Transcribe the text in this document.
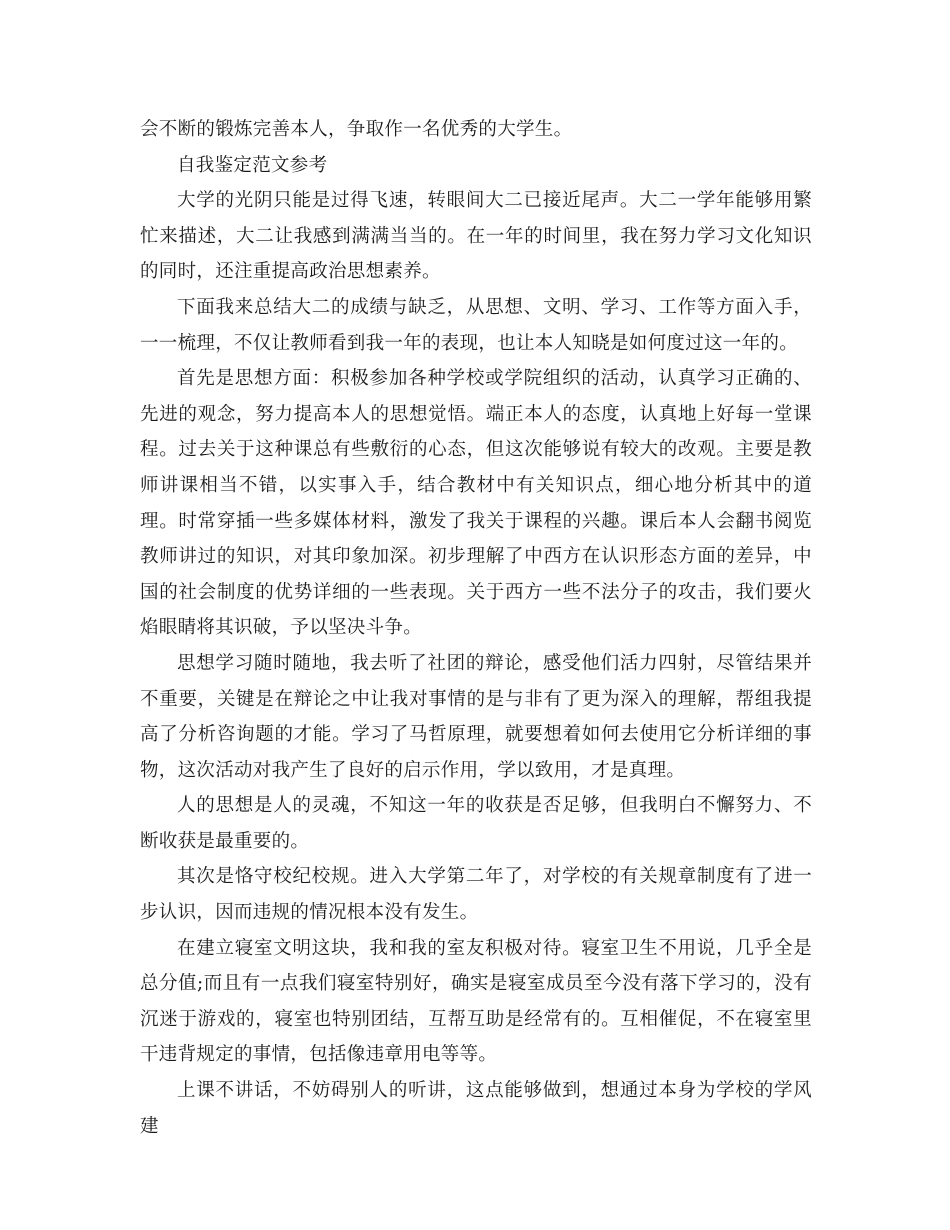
会不断的锻炼完善本人，争取作一名优秀的大学生。

自我鉴定范文参考

大学的光阴只能是过得飞速，转眼间大二已接近尾声。大二一学年能够用繁忙来描述，大二让我感到满满当当的。在一年的时间里，我在努力学习文化知识的同时，还注重提高政治思想素养。

下面我来总结大二的成绩与缺乏，从思想、文明、学习、工作等方面入手，一一梳理，不仅让教师看到我一年的表现，也让本人知晓是如何度过这一年的。

首先是思想方面：积极参加各种学校或学院组织的活动，认真学习正确的、先进的观念，努力提高本人的思想觉悟。端正本人的态度，认真地上好每一堂课程。过去关于这种课总有些敷衍的心态，但这次能够说有较大的改观。主要是教师讲课相当不错，以实事入手，结合教材中有关知识点，细心地分析其中的道理。时常穿插一些多媒体材料，激发了我关于课程的兴趣。课后本人会翻书阅览教师讲过的知识，对其印象加深。初步理解了中西方在认识形态方面的差异，中国的社会制度的优势详细的一些表现。关于西方一些不法分子的攻击，我们要火焰眼睛将其识破，予以坚决斗争。

思想学习随时随地，我去听了社团的辩论，感受他们活力四射，尽管结果并不重要，关键是在辩论之中让我对事情的是与非有了更为深入的理解，帮组我提高了分析咨询题的才能。学习了马哲原理，就要想着如何去使用它分析详细的事物，这次活动对我产生了良好的启示作用，学以致用，才是真理。

人的思想是人的灵魂，不知这一年的收获是否足够，但我明白不懈努力、不断收获是最重要的。

其次是恪守校纪校规。进入大学第二年了，对学校的有关规章制度有了进一步认识，因而违规的情况根本没有发生。

在建立寝室文明这块，我和我的室友积极对待。寝室卫生不用说，几乎全是总分值;而且有一点我们寝室特别好，确实是寝室成员至今没有落下学习的，没有沉迷于游戏的，寝室也特别团结，互帮互助是经常有的。互相催促，不在寝室里干违背规定的事情，包括像违章用电等等。

上课不讲话，不妨碍别人的听讲，这点能够做到，想通过本身为学校的学风建
